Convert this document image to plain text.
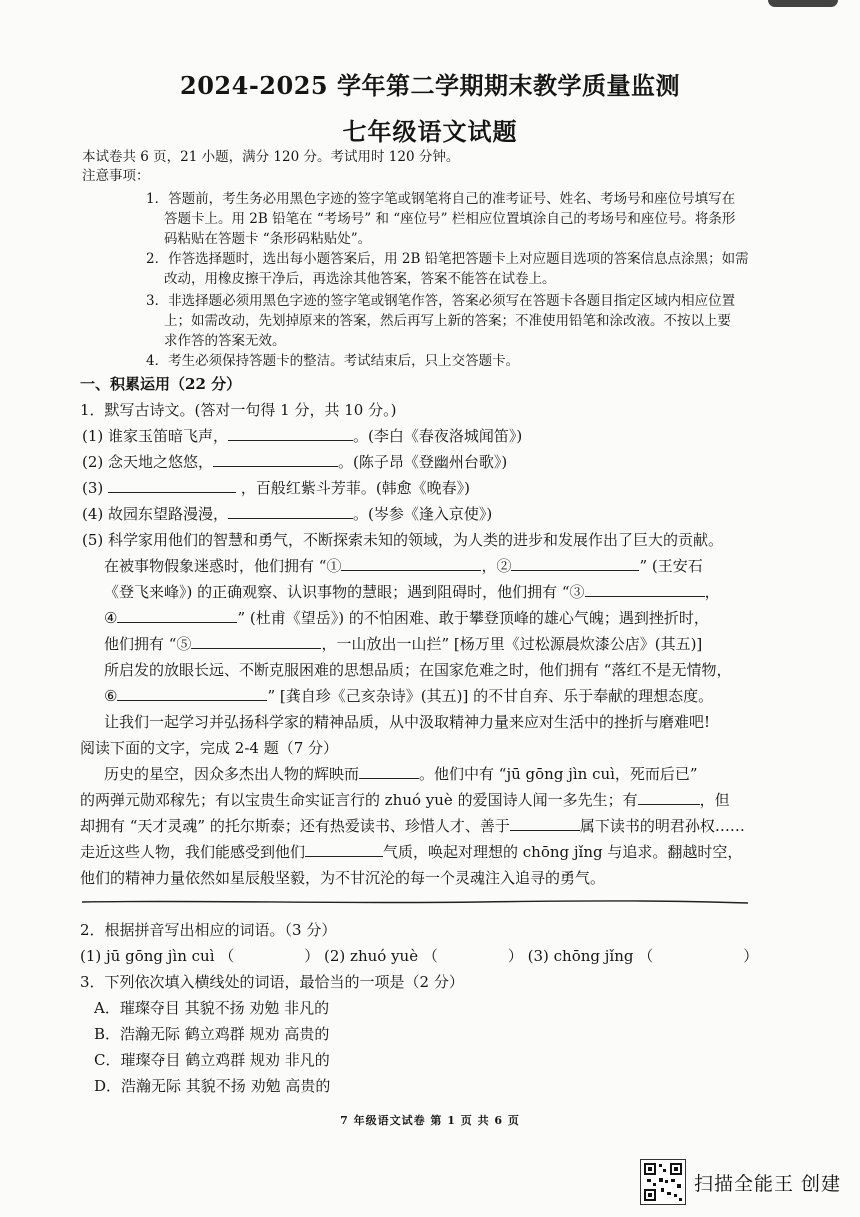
2024-2025 学年第二学期期末教学质量监测
七年级语文试题
本试卷共 6 页，21 小题，满分 120 分。考试用时 120 分钟。
注意事项：
1．答题前，考生务必用黑色字迹的签字笔或钢笔将自己的准考证号、姓名、考场号和座位号填写在
答题卡上。用 2B 铅笔在 “考场号” 和 “座位号” 栏相应位置填涂自己的考场号和座位号。将条形
码粘贴在答题卡 “条形码粘贴处”。
2．作答选择题时，选出每小题答案后，用 2B 铅笔把答题卡上对应题目选项的答案信息点涂黑；如需
改动，用橡皮擦干净后，再选涂其他答案，答案不能答在试卷上。
3．非选择题必须用黑色字迹的签字笔或钢笔作答，答案必须写在答题卡各题目指定区域内相应位置
上；如需改动，先划掉原来的答案，然后再写上新的答案；不准使用铅笔和涂改液。不按以上要
求作答的答案无效。
4．考生必须保持答题卡的整洁。考试结束后，只上交答题卡。
一、积累运用（22 分）
1．默写古诗文。(答对一句得 1 分，共 10 分。)
(1) 谁家玉笛暗飞声，	。(李白《春夜洛城闻笛》)
(2) 念天地之悠悠，	。(陈子昂《登幽州台歌》)
(3)	，百般红紫斗芳菲。(韩愈《晚春》)
(4) 故园东望路漫漫，	。(岑参《逢入京使》)
(5) 科学家用他们的智慧和勇气，不断探索未知的领域，为人类的进步和发展作出了巨大的贡献。
在被事物假象迷惑时，他们拥有 “①	，②	” (王安石
《登飞来峰》) 的正确观察、认识事物的慧眼；遇到阻碍时，他们拥有 “③	，
④	” (杜甫《望岳》) 的不怕困难、敢于攀登顶峰的雄心气魄；遇到挫折时，
他们拥有 “⑤	，一山放出一山拦” [杨万里《过松源晨炊漆公店》(其五)]
所启发的放眼长远、不断克服困难的思想品质；在国家危难之时，他们拥有 “落红不是无情物，
⑥	” [龚自珍《己亥杂诗》(其五)] 的不甘自弃、乐于奉献的理想态度。
让我们一起学习并弘扬科学家的精神品质，从中汲取精神力量来应对生活中的挫折与磨难吧!
阅读下面的文字，完成 2-4 题（7 分）
历史的星空，因众多杰出人物的辉映而	。他们中有 “jū gōng jìn cuì，死而后已”
的两弹元勋邓稼先；有以宝贵生命实证言行的 zhuó yuè 的爱国诗人闻一多先生；有	，但
却拥有 “天才灵魂” 的托尔斯泰；还有热爱读书、珍惜人才、善于	属下读书的明君孙权……
走近这些人物，我们能感受到他们	气质，唤起对理想的 chōng jǐng 与追求。翻越时空，
他们的精神力量依然如星辰般坚毅，为不甘沉沦的每一个灵魂注入追寻的勇气。
2．根据拼音写出相应的词语。（3 分）
(1) jū gōng jìn cuì （	） (2) zhuó yuè （	） (3) chōng jǐng （	）
3．下列依次填入横线处的词语，最恰当的一项是（2 分）
A．璀璨夺目 其貌不扬 劝勉 非凡的
B．浩瀚无际 鹤立鸡群 规劝 高贵的
C．璀璨夺目 鹤立鸡群 规劝 非凡的
D．浩瀚无际 其貌不扬 劝勉 高贵的
7 年级语文试卷 第 1 页 共 6 页
扫描全能王 创建
